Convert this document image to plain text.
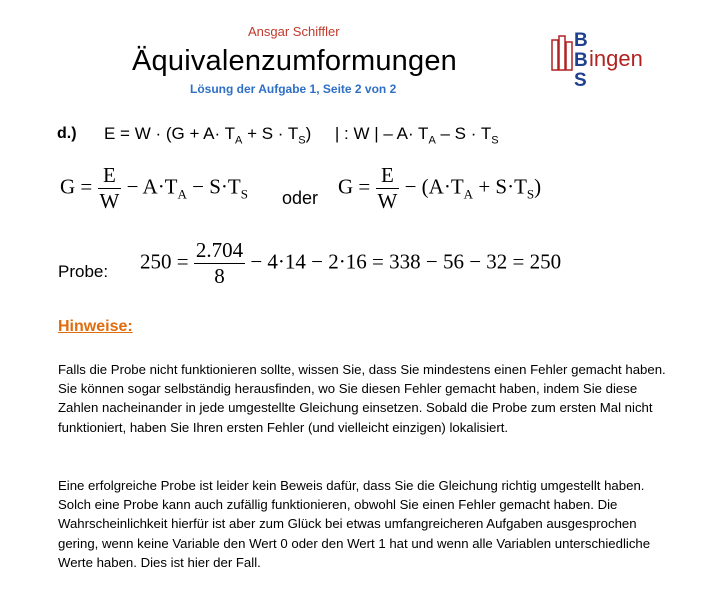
Ansgar Schiffler
Äquivalenzumformungen
Lösung der Aufgabe 1, Seite 2 von 2
B
B
S
ingen
d.) $E = W \cdot (G + A\cdot T_A + S \cdot T_S)$ | : W | – $A\cdot T_A - S \cdot T_S$
$G = \frac{E}{W} - A\cdot T_A - S\cdot T_S$ oder $G = \frac{E}{W} - (A\cdot T_A + S\cdot T_S)$
Probe: $250 = \frac{2.704}{8} - 4\cdot 14 - 2\cdot 16 = 338 - 56 - 32 = 250$
Hinweise:
Falls die Probe nicht funktionieren sollte, wissen Sie, dass Sie mindestens einen Fehler gemacht haben. Sie können sogar selbständig herausfinden, wo Sie diesen Fehler gemacht haben, indem Sie diese Zahlen nacheinander in jede umgestellte Gleichung einsetzen. Sobald die Probe zum ersten Mal nicht funktioniert, haben Sie Ihren ersten Fehler (und vielleicht einzigen) lokalisiert.
Eine erfolgreiche Probe ist leider kein Beweis dafür, dass Sie die Gleichung richtig umgestellt haben. Solch eine Probe kann auch zufällig funktionieren, obwohl Sie einen Fehler gemacht haben. Die Wahrscheinlichkeit hierfür ist aber zum Glück bei etwas umfangreicheren Aufgaben ausgesprochen gering, wenn keine Variable den Wert 0 oder den Wert 1 hat und wenn alle Variablen unterschiedliche Werte haben. Dies ist hier der Fall.
